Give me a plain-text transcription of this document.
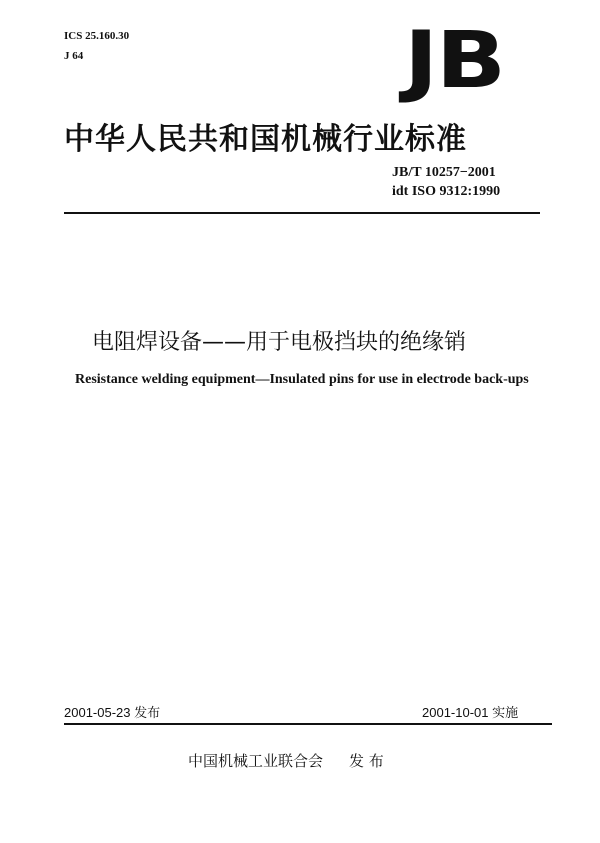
ICS 25.160.30
J 64	JB
中华人民共和国机械行业标准
JB/T 10257−2001
idt ISO 9312:1990
电阻焊设备——用于电极挡块的绝缘销
Resistance welding equipment—Insulated pins for use in electrode back-ups
2001-05-23 发布	2001-10-01 实施
中国机械工业联合会 发 布
